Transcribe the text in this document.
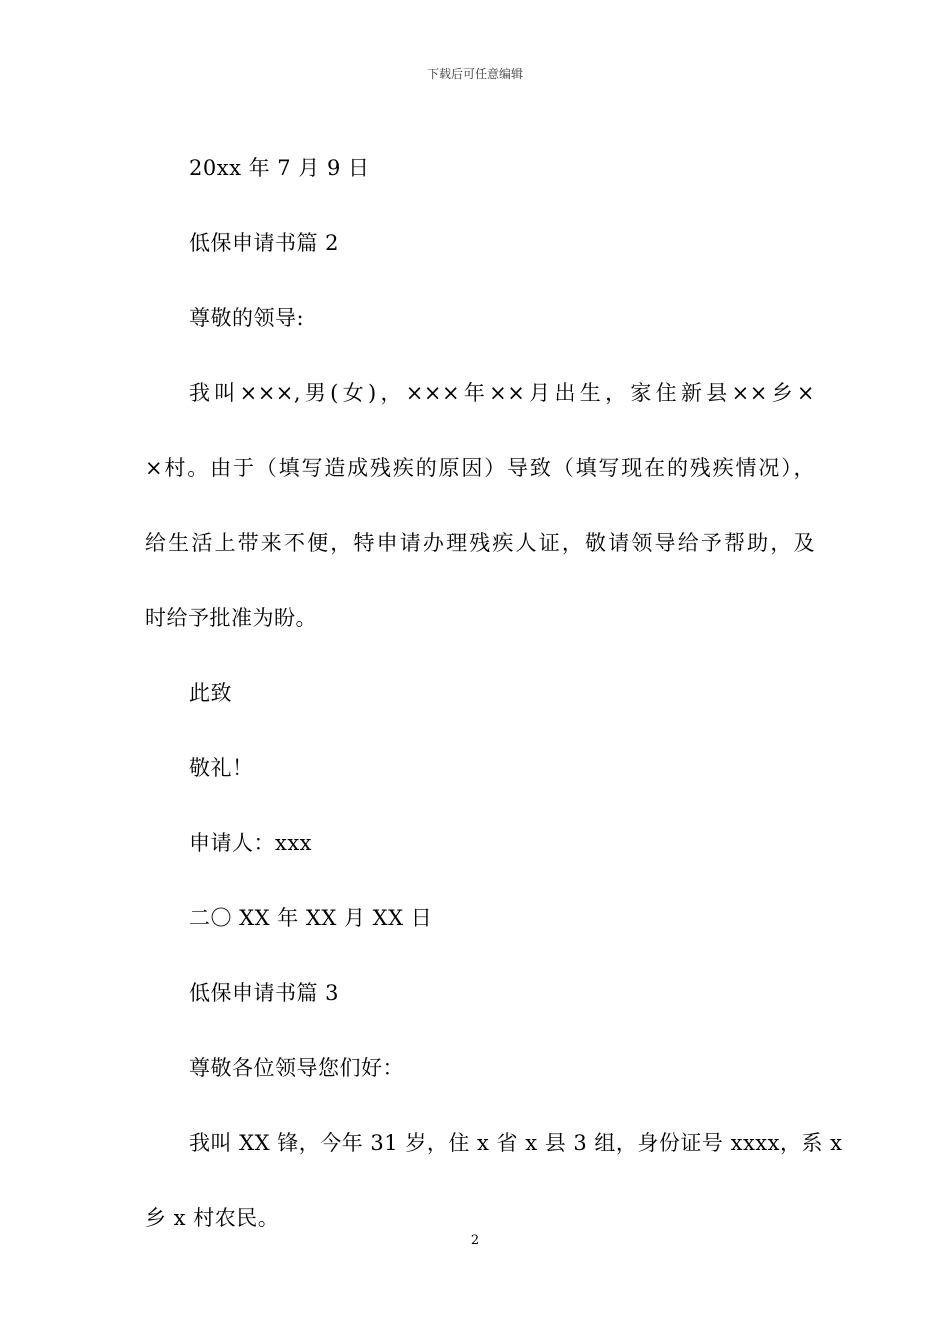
下载后可任意编辑

20xx 年 7 月 9 日

低保申请书篇 2

尊敬的领导:

我叫×××,男(女)，×××年××月出生，家住新县××乡×

×村。由于（填写造成残疾的原因）导致（填写现在的残疾情况），

给生活上带来不便，特申请办理残疾人证，敬请领导给予帮助，及

时给予批准为盼。

此致

敬礼！

申请人：xxx

二〇 XX 年 XX 月 XX 日

低保申请书篇 3

尊敬各位领导您们好：

我叫 XX 锋，今年 31 岁，住 x 省 x 县 3 组，身份证号 xxxx，系 x

乡 x 村农民。

2
